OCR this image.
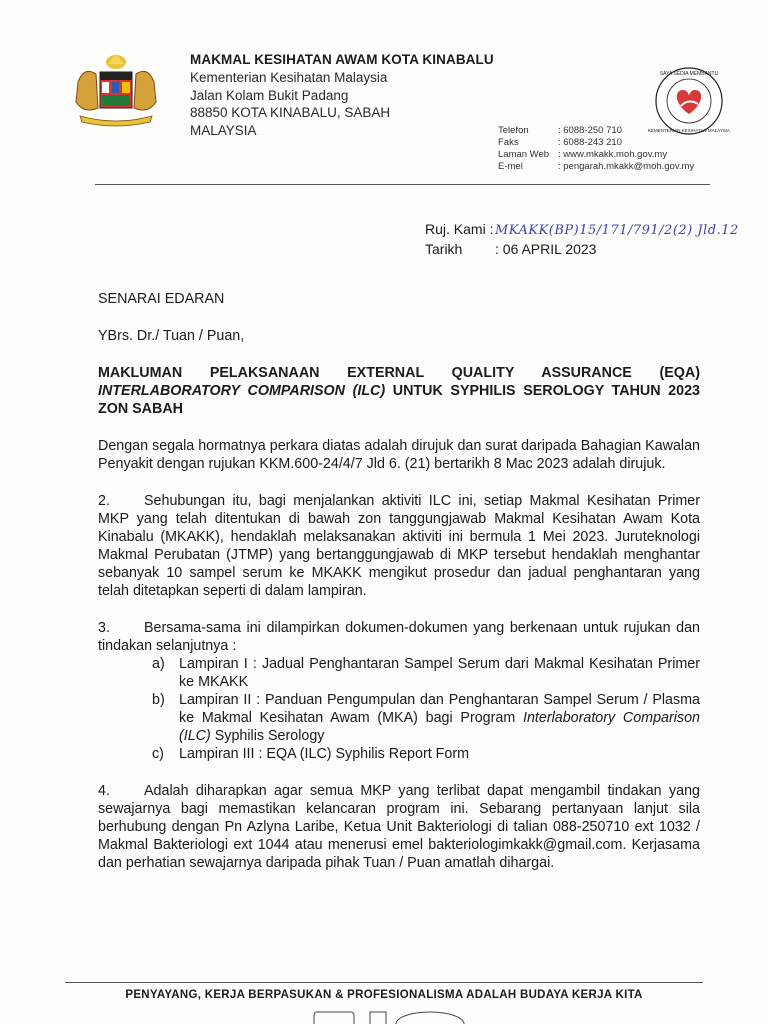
MAKMAL KESIHATAN AWAM KOTA KINABALU
Kementerian Kesihatan Malaysia
Jalan Kolam Bukit Padang
88850 KOTA KINABALU, SABAH
MALAYSIA
SAYA SEDIA MEMBANTU
KEMENTERIAN KESIHATAN MALAYSIA
Telefon	: 6088-250 710
Faks	: 6088-243 210
Laman Web	: www.mkakk.moh.gov.my
E-mel	: pengarah.mkakk@moh.gov.my
Ruj. Kami :	MKAKK(BP)15/171/791/2(2) Jld.12
Tarikh	: 06 APRIL 2023
SENARAI EDARAN
YBrs. Dr./ Tuan / Puan,
MAKLUMAN PELAKSANAAN EXTERNAL QUALITY ASSURANCE (EQA) INTERLABORATORY COMPARISON (ILC) UNTUK SYPHILIS SEROLOGY TAHUN 2023 ZON SABAH
Dengan segala hormatnya perkara diatas adalah dirujuk dan surat daripada Bahagian Kawalan Penyakit dengan rujukan KKM.600-24/4/7 Jld 6. (21) bertarikh 8 Mac 2023 adalah dirujuk.
2. Sehubungan itu, bagi menjalankan aktiviti ILC ini, setiap Makmal Kesihatan Primer MKP yang telah ditentukan di bawah zon tanggungjawab Makmal Kesihatan Awam Kota Kinabalu (MKAKK), hendaklah melaksanakan aktiviti ini bermula 1 Mei 2023. Juruteknologi Makmal Perubatan (JTMP) yang bertanggungjawab di MKP tersebut hendaklah menghantar sebanyak 10 sampel serum ke MKAKK mengikut prosedur dan jadual penghantaran yang telah ditetapkan seperti di dalam lampiran.
3. Bersama-sama ini dilampirkan dokumen-dokumen yang berkenaan untuk rujukan dan tindakan selanjutnya :
a) Lampiran I : Jadual Penghantaran Sampel Serum dari Makmal Kesihatan Primer ke MKAKK
b) Lampiran II : Panduan Pengumpulan dan Penghantaran Sampel Serum / Plasma ke Makmal Kesihatan Awam (MKA) bagi Program Interlaboratory Comparison (ILC) Syphilis Serology
c) Lampiran III : EQA (ILC) Syphilis Report Form
4. Adalah diharapkan agar semua MKP yang terlibat dapat mengambil tindakan yang sewajarnya bagi memastikan kelancaran program ini. Sebarang pertanyaan lanjut sila berhubung dengan Pn Azlyna Laribe, Ketua Unit Bakteriologi di talian 088-250710 ext 1032 / Makmal Bakteriologi ext 1044 atau menerusi emel bakteriologimkakk@gmail.com. Kerjasama dan perhatian sewajarnya daripada pihak Tuan / Puan amatlah dihargai.
PENYAYANG, KERJA BERPASUKAN & PROFESIONALISMA ADALAH BUDAYA KERJA KITA
